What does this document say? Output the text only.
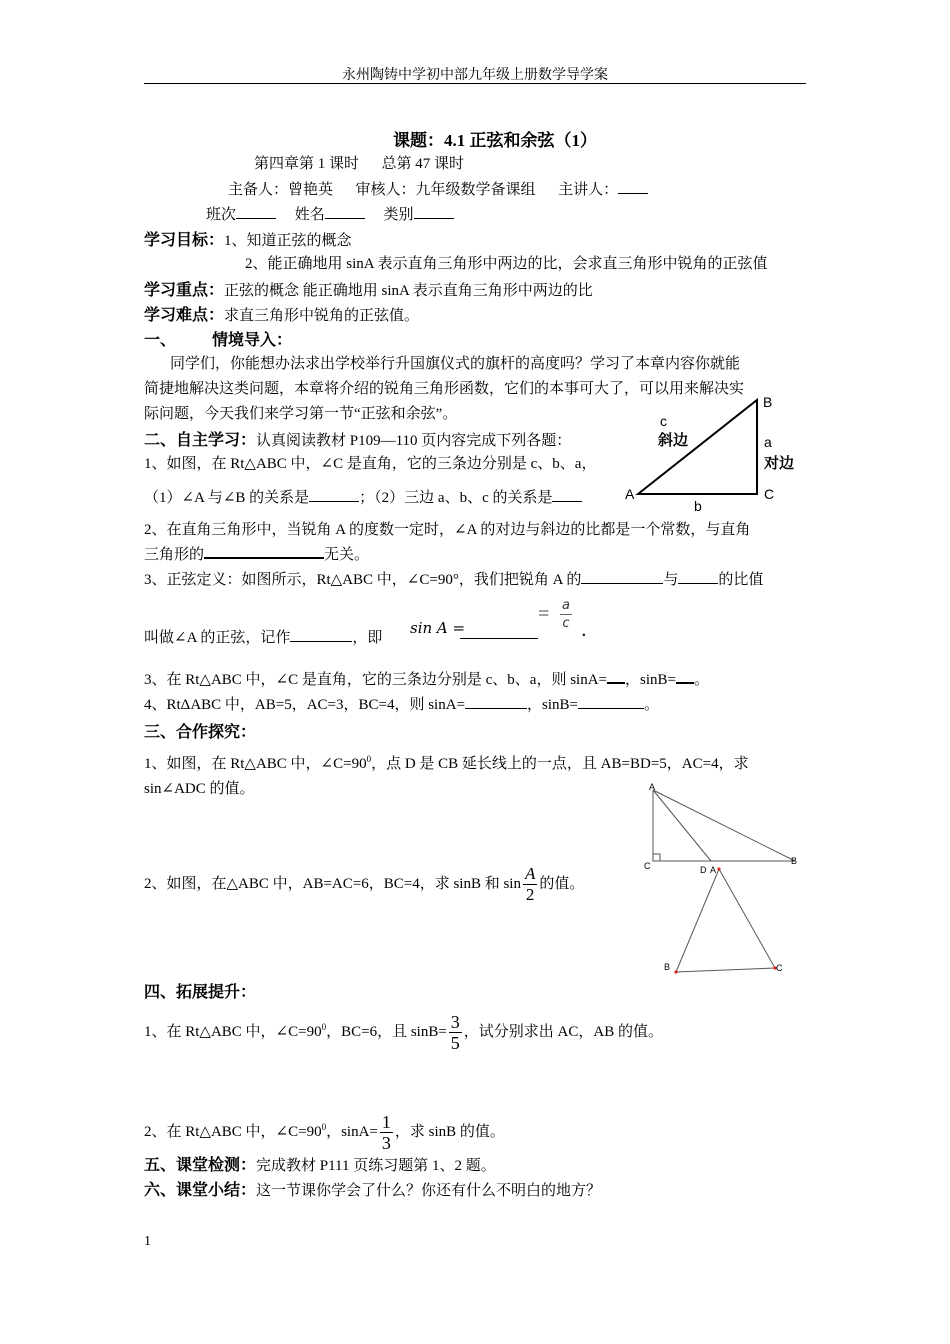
永州陶铸中学初中部九年级上册数学导学案
课题：4.1 正弦和余弦（1）
第四章第 1 课时 总第 47 课时
主备人：曾艳英 审核人：九年级数学备课组 主讲人：
班次	姓名	类别
学习目标：1、知道正弦的概念
2、能正确地用 sinA 表示直角三角形中两边的比，会求直三角形中锐角的正弦值
学习重点：正弦的概念 能正确地用 sinA 表示直角三角形中两边的比
学习难点：求直三角形中锐角的正弦值。
一、 情境导入：
同学们，你能想办法求出学校举行升国旗仪式的旗杆的高度吗？学习了本章内容你就能
简捷地解决这类问题，本章将介绍的锐角三角形函数，它们的本事可大了，可以用来解决实
际问题，今天我们来学习第一节“正弦和余弦”。
二、自主学习：认真阅读教材 P109—110 页内容完成下列各题：
1、如图，在 Rt△ABC 中，∠C 是直角，它的三条边分别是 c、b、a，
（1）∠A 与∠B 的关系是	；（2）三边 a、b、c 的关系是	A
B
C
c
斜边	a
对边
b
2、在直角三角形中，当锐角 A 的度数一定时，∠A 的对边与斜边的比都是一个常数，与直角
三角形的	无关。
3、正弦定义：如图所示，Rt△ABC 中，∠C=90°，我们把锐角 A 的	与	的比值
叫做∠A 的正弦，记作	，即
sin A =
= $\frac{a}{c}$ .
3、在 Rt△ABC 中，∠C 是直角，它的三条边分别是 c、b、a，则 sinA= ，sinB= 。
4、RtΔABC 中，AB=5，AC=3，BC=4，则 sinA=	，sinB=	。
三、合作探究：
1、如图，在 Rt△ABC 中，$\angle C=90^0$，点 D 是 CB 延长线上的一点，且 AB=BD=5，AC=4，求
sin∠ADC 的值。	A
C	D
B
2、如图，在△ABC 中，AB=AC=6，BC=4，求 sinB 和 $\sin \frac{A}{2}$ 的值。
A
B	C
四、拓展提升：
1、在 Rt△ABC 中，$\angle C=90^0$，BC=6，且 $\sin B= \frac{3}{5}$ ，试分别求出 AC，AB 的值。
2、在 Rt△ABC 中，$\angle C=90^0$，$\sin A= \frac{1}{3}$ ，求 sinB 的值。
五、课堂检测：完成教材 P111 页练习题第 1、2 题。
六、课堂小结：这一节课你学会了什么？你还有什么不明白的地方？
1
